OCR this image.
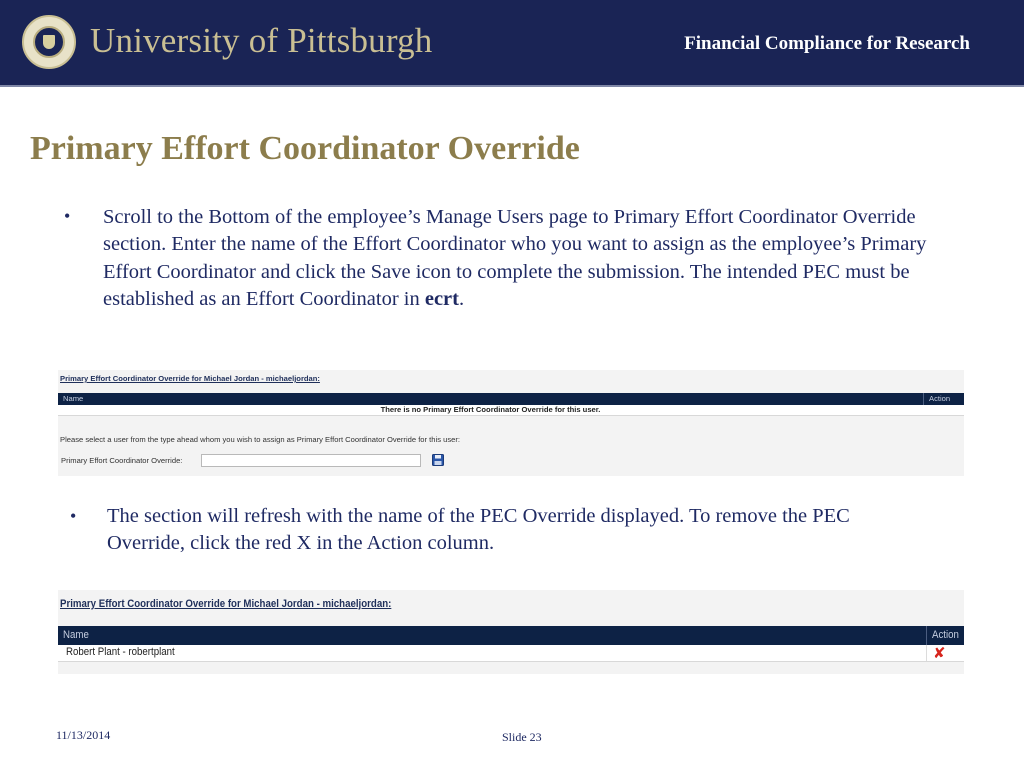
University of Pittsburgh	Financial Compliance for Research
Primary Effort Coordinator Override
• Scroll to the Bottom of the employee’s Manage Users page to Primary Effort Coordinator Override section. Enter the name of the Effort Coordinator who you want to assign as the employee’s Primary Effort Coordinator and click the Save icon to complete the submission. The intended PEC must be established as an Effort Coordinator in ecrt.
Primary Effort Coordinator Override for Michael Jordan - michaeljordan:
Name	Action
There is no Primary Effort Coordinator Override for this user.
Please select a user from the type ahead whom you wish to assign as Primary Effort Coordinator Override for this user:
Primary Effort Coordinator Override:
• The section will refresh with the name of the PEC Override displayed. To remove the PEC Override, click the red X in the Action column.
Primary Effort Coordinator Override for Michael Jordan - michaeljordan:
Name	Action
Robert Plant - robertplant	✘
11/13/2014	Slide 23
